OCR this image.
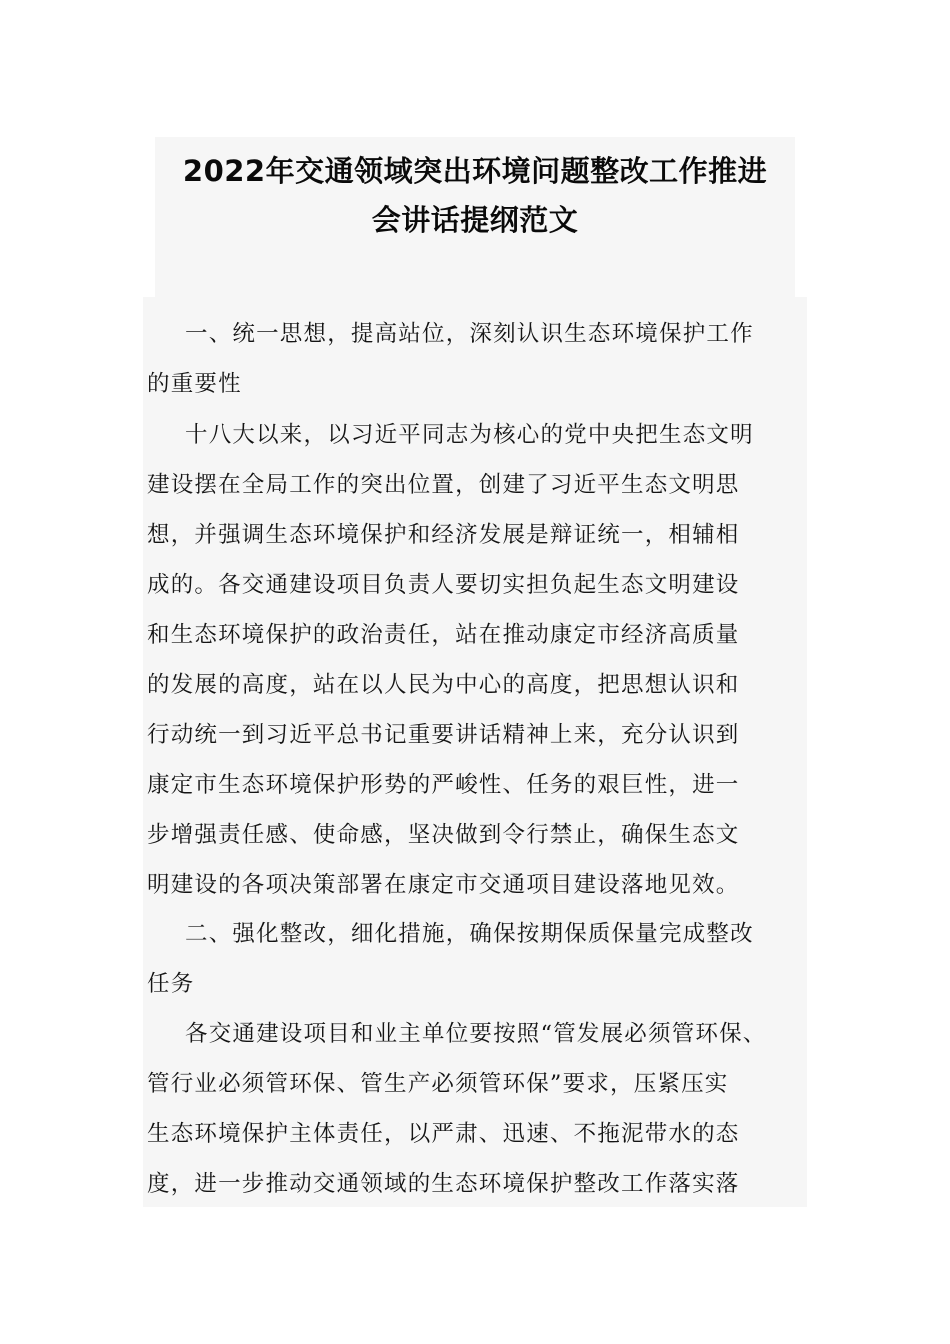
2022年交通领域突出环境问题整改工作推进
会讲话提纲范文
一、统一思想，提高站位，深刻认识生态环境保护工作
的重要性
十八大以来，以习近平同志为核心的党中央把生态文明
建设摆在全局工作的突出位置，创建了习近平生态文明思
想，并强调生态环境保护和经济发展是辩证统一，相辅相
成的。各交通建设项目负责人要切实担负起生态文明建设
和生态环境保护的政治责任，站在推动康定市经济高质量
的发展的高度，站在以人民为中心的高度，把思想认识和
行动统一到习近平总书记重要讲话精神上来，充分认识到
康定市生态环境保护形势的严峻性、任务的艰巨性，进一
步增强责任感、使命感，坚决做到令行禁止，确保生态文
明建设的各项决策部署在康定市交通项目建设落地见效。
二、强化整改，细化措施，确保按期保质保量完成整改
任务
各交通建设项目和业主单位要按照“管发展必须管环保、
管行业必须管环保、管生产必须管环保”要求，压紧压实
生态环境保护主体责任，以严肃、迅速、不拖泥带水的态
度，进一步推动交通领域的生态环境保护整改工作落实落
